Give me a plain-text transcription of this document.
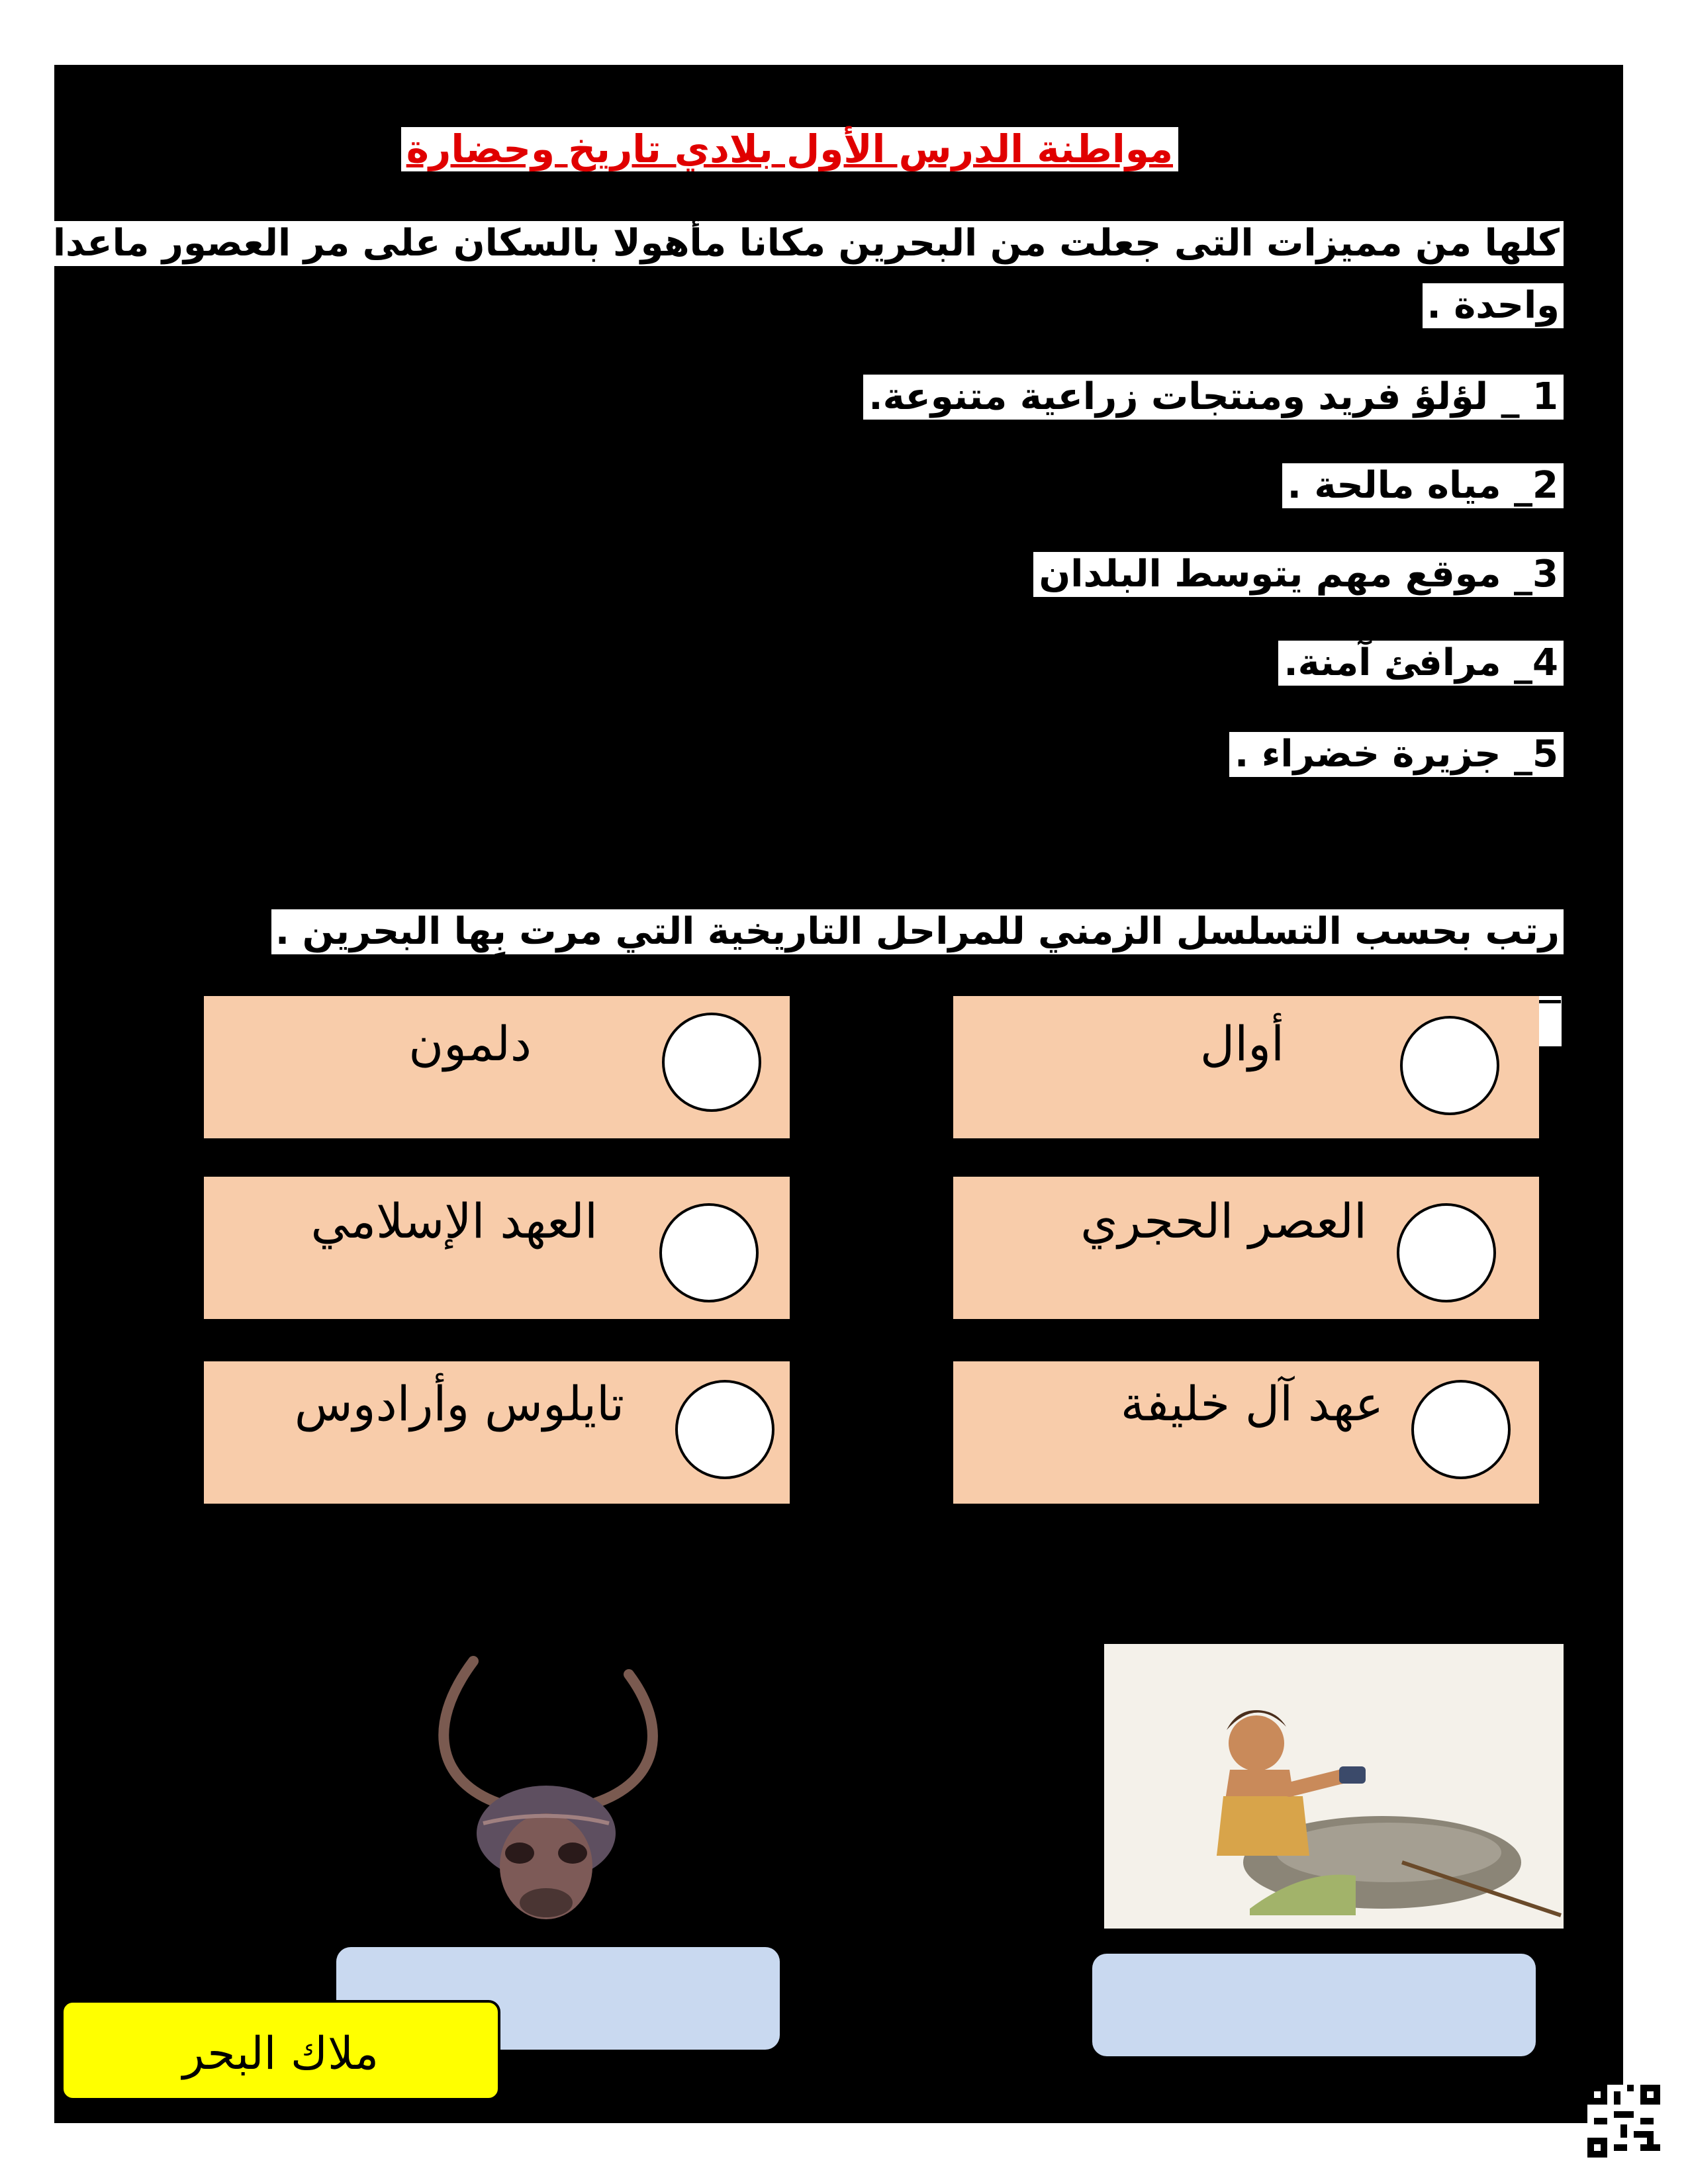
مواطنة الدرس الأول بلادي تاريخ وحضارة
كلها من مميزات التى جعلت من البحرين مكانا مأهولا بالسكان على مر العصور ماعدا
واحدة .
1 _ لؤلؤ فريد ومنتجات زراعية متنوعة.
2_ مياه مالحة .
3_ موقع مهم يتوسط البلدان
4_ مرافئ آمنة.
5_ جزيرة خضراء .
رتب بحسب التسلسل الزمني للمراحل التاريخية التي مرت بِها البحرين .
أوال
دلمون
العصر الحجري
العهد الإسلامي
عهد آل خليفة
تايلوس وأرادوس
ملاك البحر
